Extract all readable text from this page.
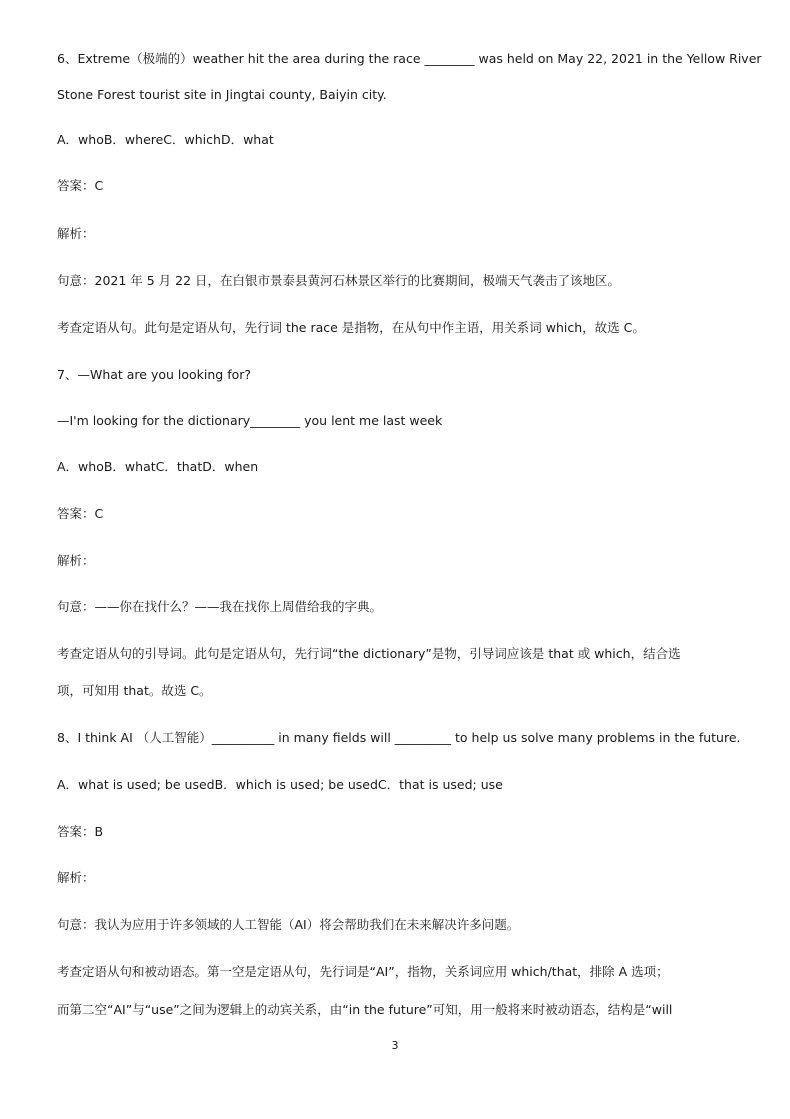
6、Extreme（极端的）weather hit the area during the race ________ was held on May 22, 2021 in the Yellow River
Stone Forest tourist site in Jingtai county, Baiyin city.
A．whoB．whereC．whichD．what
答案：C
解析：
句意：2021 年 5 月 22 日，在白银市景泰县黄河石林景区举行的比赛期间，极端天气袭击了该地区。
考查定语从句。此句是定语从句，先行词 the race 是指物，在从句中作主语，用关系词 which，故选 C。
7、—What are you looking for?
—I'm looking for the dictionary________ you lent me last week
A．whoB．whatC．thatD．when
答案：C
解析：
句意：——你在找什么？——我在找你上周借给我的字典。
考查定语从句的引导词。此句是定语从句，先行词“the dictionary”是物，引导词应该是 that 或 which，结合选
项，可知用 that。故选 C。
8、I think AI （人工智能）__________ in many fields will _________ to help us solve many problems in the future.
A．what is used; be usedB．which is used; be usedC．that is used; use
答案：B
解析：
句意：我认为应用于许多领域的人工智能（AI）将会帮助我们在未来解决许多问题。
考查定语从句和被动语态。第一空是定语从句，先行词是“AI”，指物，关系词应用 which/that，排除 A 选项；
而第二空“AI”与“use”之间为逻辑上的动宾关系，由“in the future”可知，用一般将来时被动语态，结构是“will
3
